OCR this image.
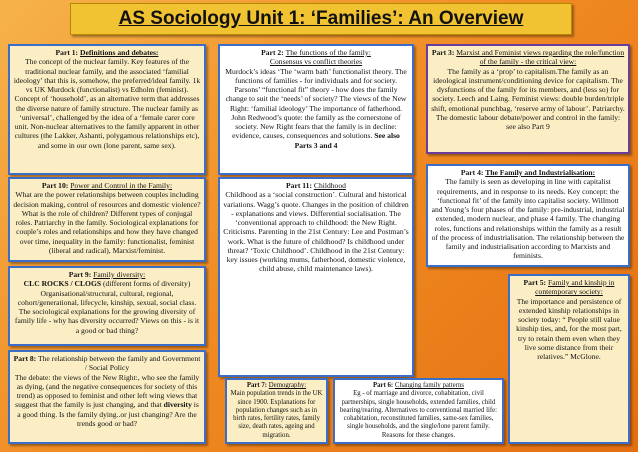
AS Sociology Unit 1: ‘Families’: An Overview

Part 1: Definitions and debates:

The concept of the nuclear family. Key features of the traditional nuclear family, and the associated ‘familial ideology’ that this is, somehow, the preferred/ideal family. 1k vs UK Murdock (functionalist) vs Edholm (feminist). Concept of ‘household’, as an alternative term that addresses the diverse nature of family structure. The nuclear family as ‘universal’, challenged by the idea of a ‘female carer core unit. Non-nuclear alternatives to the family apparent in other cultures (the Lakker, Ashanti, polygamous relationships etc), and some in our own (lone parent, same sex).

Part 2: The functions of the family:

Consensus vs conflict theories

Murdock’s ideas ‘The ‘warm bath’ functionalist theory. The functions of families - for individuals and for society. Parsons’ “functional fit” theory - how does the family change to suit the ‘needs’ of society? The views of the New Right: ‘familial ideology’ The importance of fatherhood. John Redwood’s quote: the family as the cornerstone of society. New Right fears that the family is in decline: evidence, causes, consequences and solutions. See also Parts 3 and 4

Part 3: Marxist and Feminist views regarding the role/function of the family - the critical view:

The family as a ‘prop’ to capitalism.The family as an ideological instrument/conditioning device for capitalism. The dysfunctions of the family for its members, and (less so) for society. Leech and Laing. Feminist views: double burden/triple shift, emotional punchbag, ‘reserve army of labour’. Patriarchy. The domestic labour debate/power and control in the family: see also Part 9

Part 10: Power and Control in the Family:

What are the power relationships between couples including decision making, control of resources and domestic violence? What is the role of children? Different types of conjugal roles. Patriarchy in the family. Sociological explanations for couple’s roles and relationships and how they have changed over time, inequality in the family: functionalist, feminist (liberal and radical), Marxist/feminist.

Part 11: Childhood

Childhood as a ‘social construction’. Cultural and historical variations. Wagg’s quote. Changes in the position of children - explanations and views. Differential socialisation. The ‘conventional approach to childhood: the New Right. Criticisms. Parenting in the 21st Century: Lee and Postman’s work. What is the future of childhood? Is childhood under threat? ‘Toxic Childhood’. Childhood in the 21st Century: key issues (working mums, fatherhood, domestic violence, child abuse, child maintenance laws).

Part 4: The Family and Industrialisation:

The family is seen as developing in line with capitalist requirements, and in response to its needs. Key concept: the ‘functional fit’ of the family into capitalist society. Willmott and Young’s four phases of the family: pre-industrial, industrial extended, modern nuclear, and phase 4 family. The changing roles, functions and relationships within the family as a result of the process of industrialisation. The relationship between the family and industrialisation according to Marxists and feminists.

Part 9: Family diversity:

CLC ROCKS / CLOGS (different forms of diversity)

Organisational/structural, cultural, regional, cohort/generational, lifecycle, kinship, sexual, social class. The sociological explanations for the growing diversity of family life - why has diversity occurred? Views on this - is it a good or bad thing?

Part 8: The relationship between the family and Government / Social Policy

The debate: the views of the New Right:, who see the family as dying, (and the negative consequences for society of this trend) as opposed to feminist and other left wing views that suggest that the family is just changing, and that diversity is a good thing. Is the family dying..or just changing? Are the trends good or bad?

Part 7: Demography:

Main population trends in the UK since 1900. Explanations for population changes such as in birth rates, fertility rates, family size, death rates, ageing and migration.

Part 6: Changing family patterns

Eg - of marriage and divorce, cohabitation, civil partnerships, single households, extended families, child bearing/rearing. Alternatives to conventional married life: cohabitation, reconstituted families, same-sex families, single households, and the single/lone parent family. Reasons for these changes.

Part 5: Family and kinship in contemporary society:

The importance and persistence of extended kinship relationships in society today: “ People still value kinship ties, and, for the most part, try to retain them even when they live some distance from their relatives.” McGlone.
